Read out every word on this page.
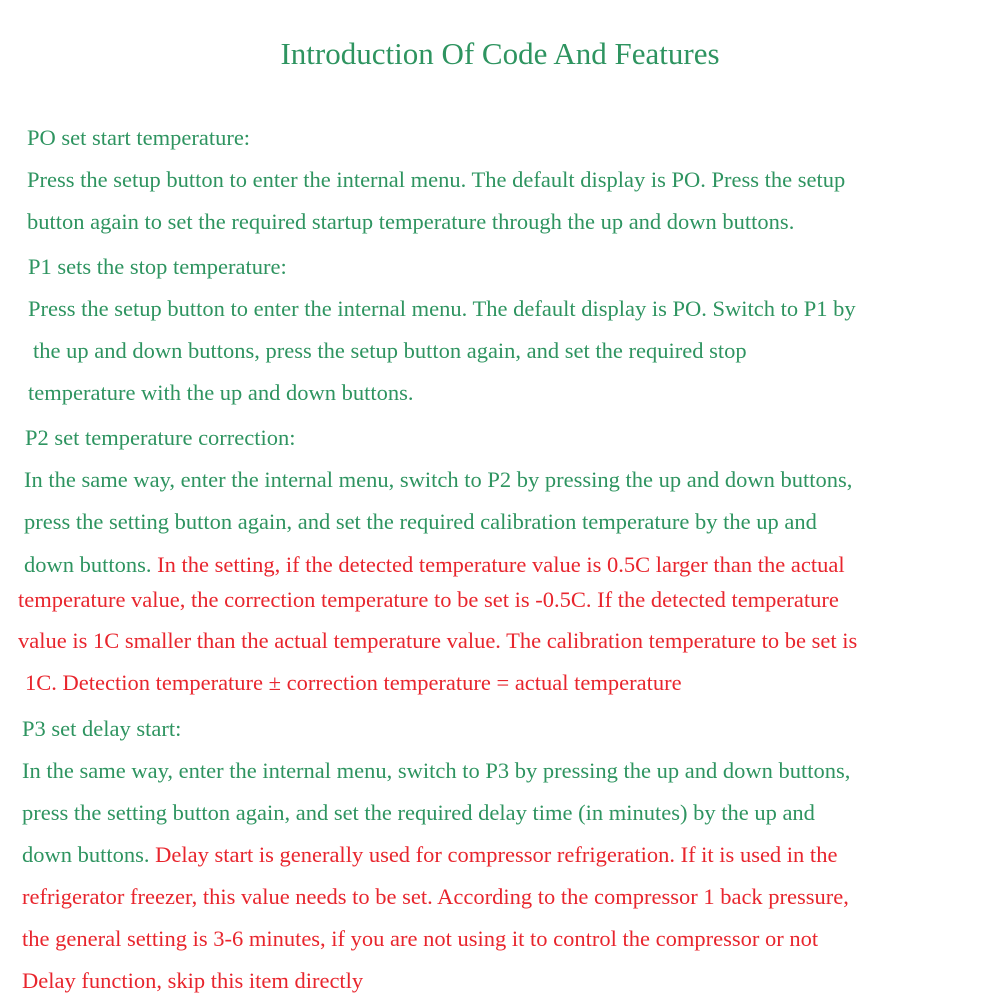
Introduction Of Code And Features
PO set start temperature:
Press the setup button to enter the internal menu. The default display is PO. Press the setup
button again to set the required startup temperature through the up and down buttons.
P1 sets the stop temperature:
Press the setup button to enter the internal menu. The default display is PO. Switch to P1 by
the up and down buttons, press the setup button again, and set the required stop
temperature with the up and down buttons.
P2 set temperature correction:
In the same way, enter the internal menu, switch to P2 by pressing the up and down buttons,
press the setting button again, and set the required calibration temperature by the up and
down buttons. In the setting, if the detected temperature value is 0.5C larger than the actual
temperature value, the correction temperature to be set is -0.5C. If the detected temperature
value is 1C smaller than the actual temperature value. The calibration temperature to be set is
1C. Detection temperature ± correction temperature = actual temperature
P3 set delay start:
In the same way, enter the internal menu, switch to P3 by pressing the up and down buttons,
press the setting button again, and set the required delay time (in minutes) by the up and
down buttons. Delay start is generally used for compressor refrigeration. If it is used in the
refrigerator freezer, this value needs to be set. According to the compressor 1 back pressure,
the general setting is 3-6 minutes, if you are not using it to control the compressor or not
Delay function, skip this item directly
